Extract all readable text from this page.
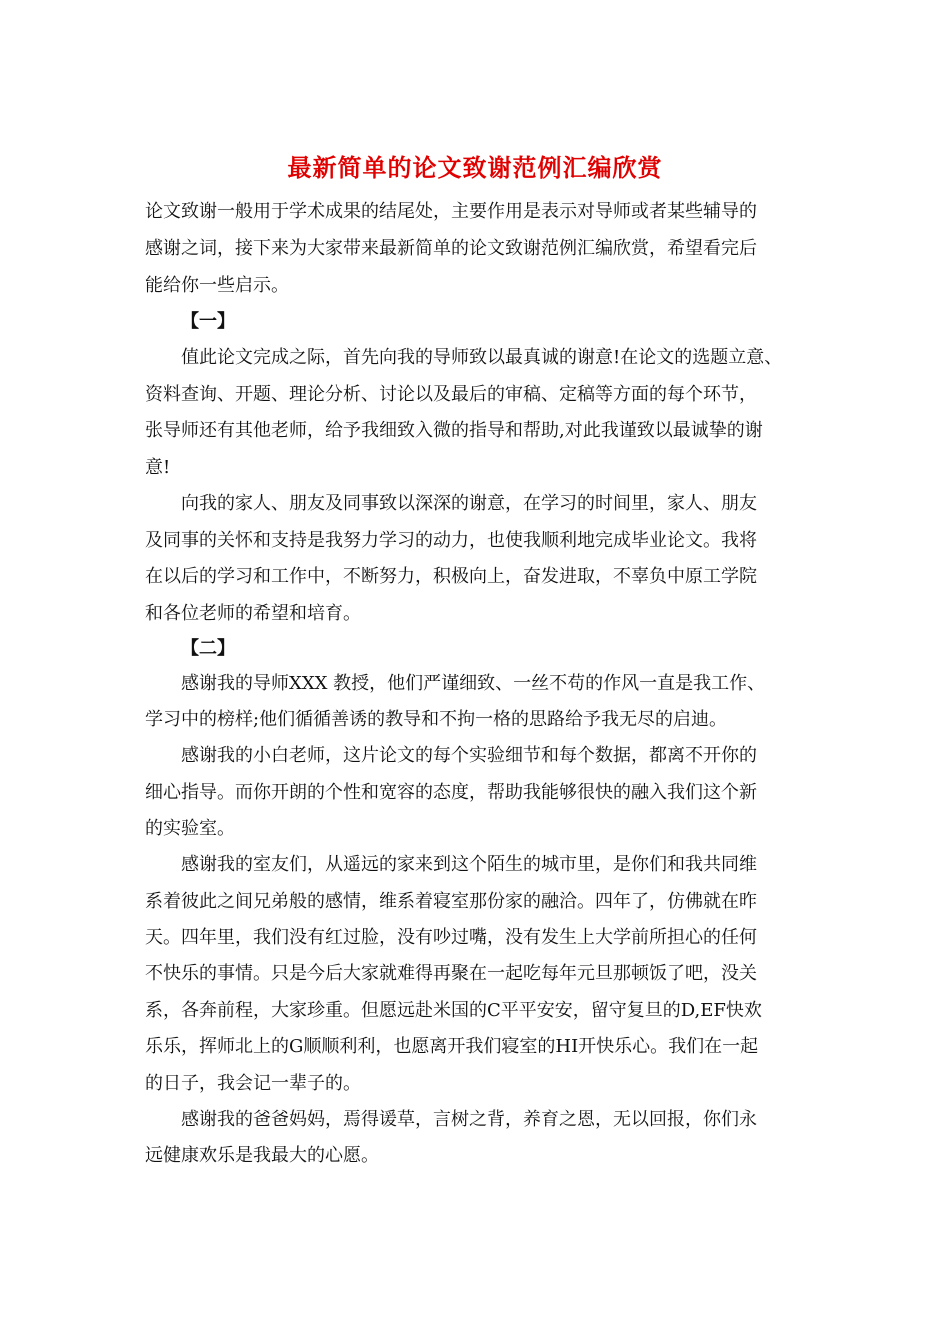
最新简单的论文致谢范例汇编欣赏
论文致谢一般用于学术成果的结尾处，主要作用是表示对导师或者某些辅导的
感谢之词，接下来为大家带来最新简单的论文致谢范例汇编欣赏，希望看完后
能给你一些启示。
【一】
值此论文完成之际，首先向我的导师致以最真诚的谢意!在论文的选题立意、
资料查询、开题、理论分析、讨论以及最后的审稿、定稿等方面的每个环节，
张导师还有其他老师，给予我细致入微的指导和帮助,对此我谨致以最诚挚的谢
意!
向我的家人、朋友及同事致以深深的谢意，在学习的时间里，家人、朋友
及同事的关怀和支持是我努力学习的动力，也使我顺利地完成毕业论文。我将
在以后的学习和工作中，不断努力，积极向上，奋发进取，不辜负中原工学院
和各位老师的希望和培育。
【二】
感谢我的导师XXX 教授，他们严谨细致、一丝不苟的作风一直是我工作、
学习中的榜样;他们循循善诱的教导和不拘一格的思路给予我无尽的启迪。
感谢我的小白老师，这片论文的每个实验细节和每个数据，都离不开你的
细心指导。而你开朗的个性和宽容的态度，帮助我能够很快的融入我们这个新
的实验室。
感谢我的室友们，从遥远的家来到这个陌生的城市里，是你们和我共同维
系着彼此之间兄弟般的感情，维系着寝室那份家的融洽。四年了，仿佛就在昨
天。四年里，我们没有红过脸，没有吵过嘴，没有发生上大学前所担心的任何
不快乐的事情。只是今后大家就难得再聚在一起吃每年元旦那顿饭了吧，没关
系，各奔前程，大家珍重。但愿远赴米国的C平平安安，留守复旦的D,EF快欢
乐乐，挥师北上的G顺顺利利，也愿离开我们寝室的HI开快乐心。我们在一起
的日子，我会记一辈子的。
感谢我的爸爸妈妈，焉得谖草，言树之背，养育之恩，无以回报，你们永
远健康欢乐是我最大的心愿。
